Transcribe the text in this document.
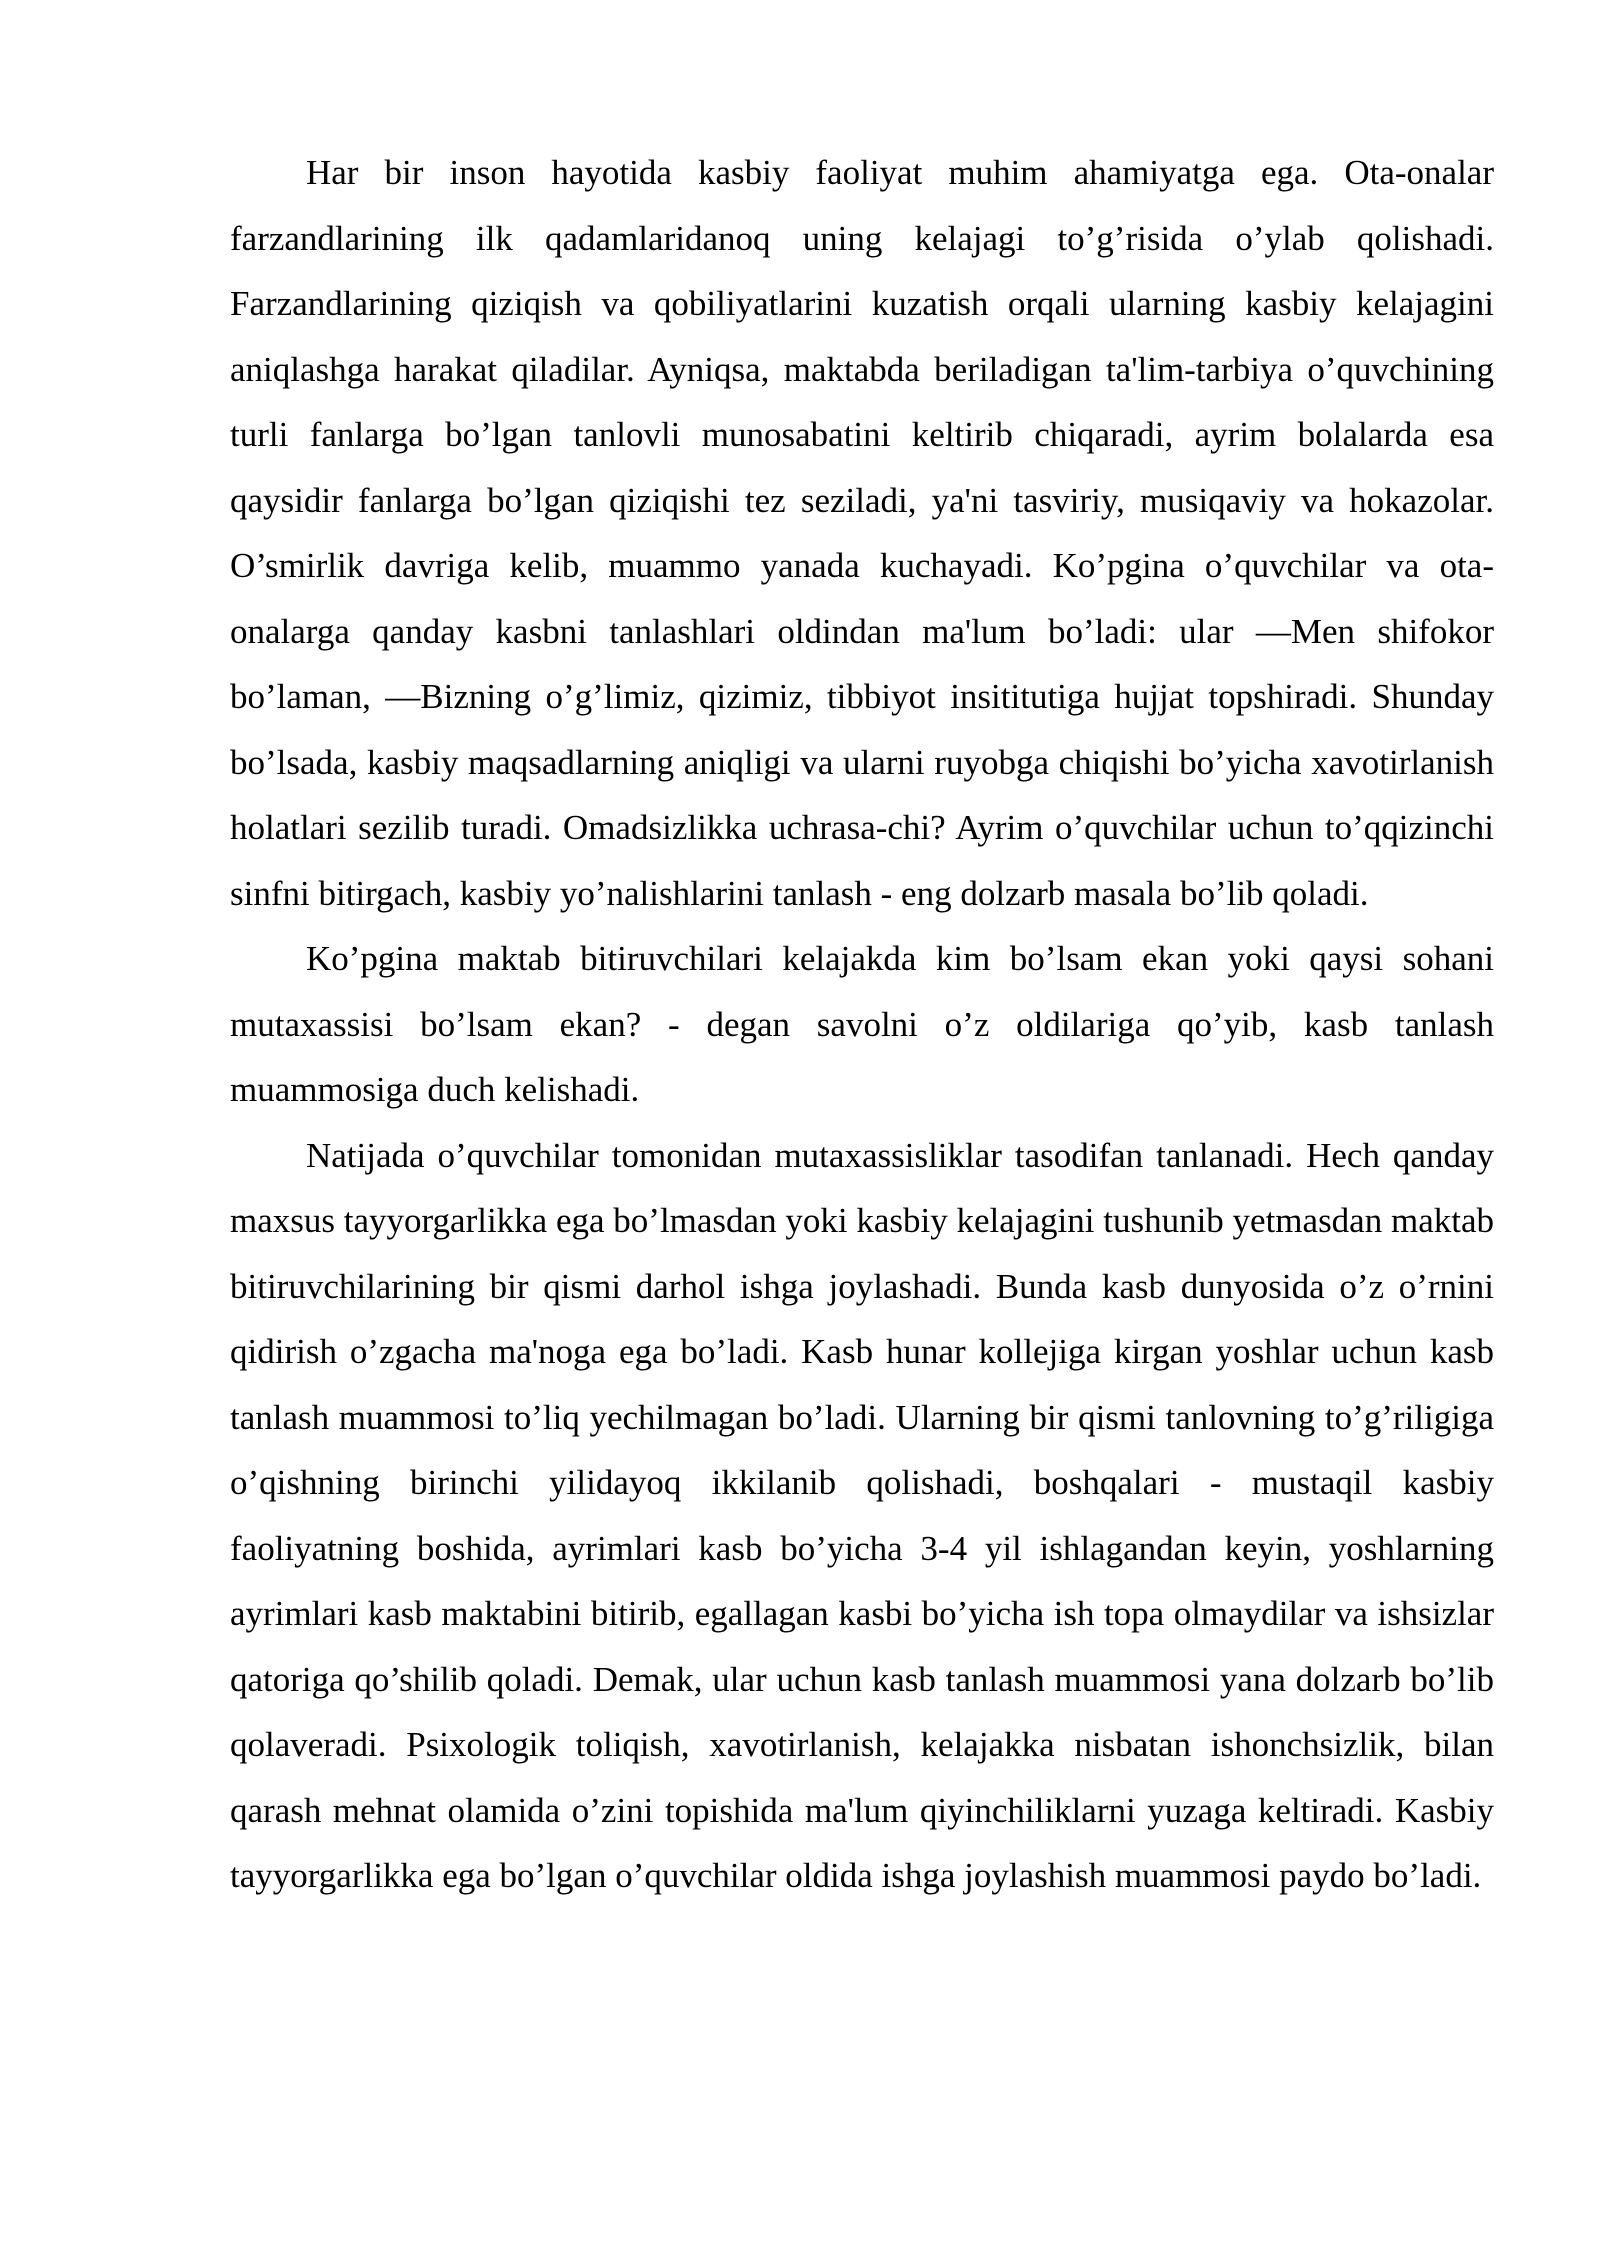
Har bir inson hayotida kasbiy faoliyat muhim ahamiyatga ega. Ota-onalar farzandlarining ilk qadamlaridanoq uning kelajagi to’g’risida o’ylab qolishadi. Farzandlarining qiziqish va qobiliyatlarini kuzatish orqali ularning kasbiy kelajagini aniqlashga harakat qiladilar. Ayniqsa, maktabda beriladigan ta'lim-tarbiya o’quvchining turli fanlarga bo’lgan tanlovli munosabatini keltirib chiqaradi, ayrim bolalarda esa qaysidir fanlarga bo’lgan qiziqishi tez seziladi, ya'ni tasviriy, musiqaviy va hokazolar. O’smirlik davriga kelib, muammo yanada kuchayadi. Ko’pgina o’quvchilar va ota-onalarga qanday kasbni tanlashlari oldindan ma'lum bo’ladi: ular ―Men shifokor bo’laman, ―Bizning o’g’limiz, qizimiz, tibbiyot insititutiga hujjat topshiradi. Shunday bo’lsada, kasbiy maqsadlarning aniqligi va ularni ruyobga chiqishi bo’yicha xavotirlanish holatlari sezilib turadi. Omadsizlikka uchrasa-chi? Ayrim o’quvchilar uchun to’qqizinchi sinfni bitirgach, kasbiy yo’nalishlarini tanlash - eng dolzarb masala bo’lib qoladi.

Ko’pgina maktab bitiruvchilari kelajakda kim bo’lsam ekan yoki qaysi sohani mutaxassisi bo’lsam ekan? - degan savolni o’z oldilariga qo’yib, kasb tanlash muammosiga duch kelishadi.

Natijada o’quvchilar tomonidan mutaxassisliklar tasodifan tanlanadi. Hech qanday maxsus tayyorgarlikka ega bo’lmasdan yoki kasbiy kelajagini tushunib yetmasdan maktab bitiruvchilarining bir qismi darhol ishga joylashadi. Bunda kasb dunyosida o’z o’rnini qidirish o’zgacha ma'noga ega bo’ladi. Kasb hunar kollejiga kirgan yoshlar uchun kasb tanlash muammosi to’liq yechilmagan bo’ladi. Ularning bir qismi tanlovning to’g’riligiga o’qishning birinchi yilidayoq ikkilanib qolishadi, boshqalari - mustaqil kasbiy faoliyatning boshida, ayrimlari kasb bo’yicha 3-4 yil ishlagandan keyin, yoshlarning ayrimlari kasb maktabini bitirib, egallagan kasbi bo’yicha ish topa olmaydilar va ishsizlar qatoriga qo’shilib qoladi. Demak, ular uchun kasb tanlash muammosi yana dolzarb bo’lib qolaveradi. Psixologik toliqish, xavotirlanish, kelajakka nisbatan ishonchsizlik, bilan qarash mehnat olamida o’zini topishida ma'lum qiyinchiliklarni yuzaga keltiradi. Kasbiy tayyorgarlikka ega bo’lgan o’quvchilar oldida ishga joylashish muammosi paydo bo’ladi.
